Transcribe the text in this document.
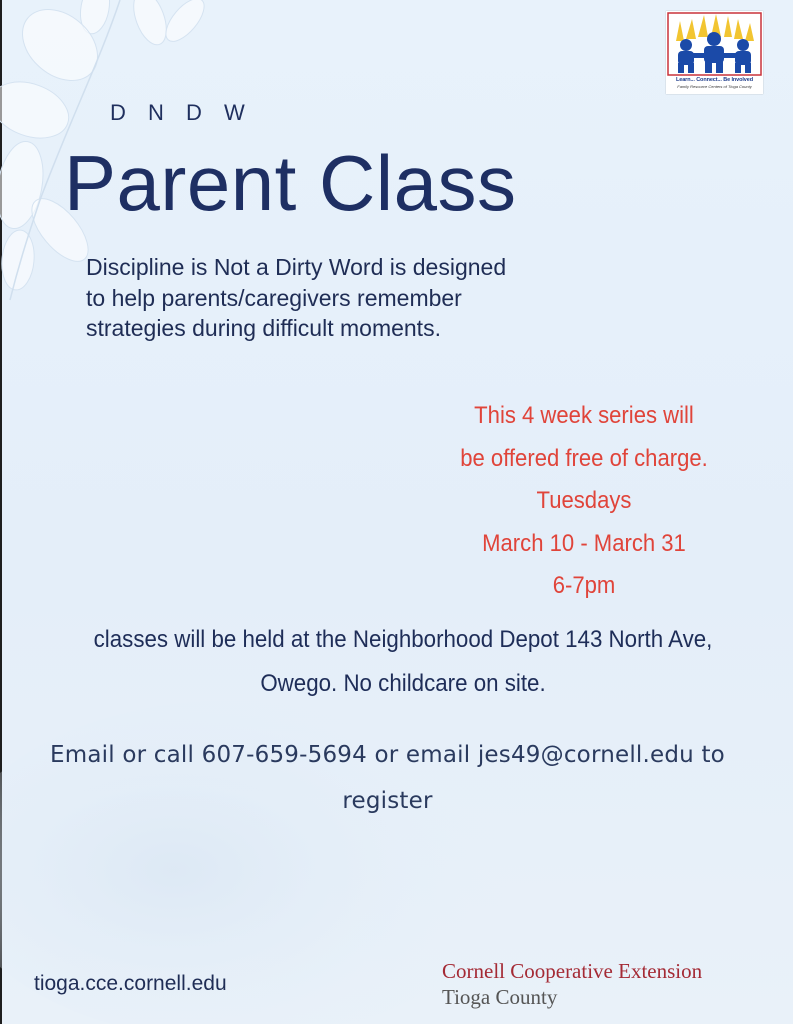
Learn... Connect... Be Involved
Family Resource Centers of Tioga County
D N D W
Parent Class
Discipline is Not a Dirty Word is designed to help parents/caregivers remember strategies during difficult moments.
This 4 week series will
be offered free of charge.
Tuesdays
March 10 - March 31
6-7pm
classes will be held at the Neighborhood Depot 143 North Ave,
Owego. No childcare on site.
Email or call 607-659-5694 or email jes49@cornell.edu to
register
tioga.cce.cornell.edu
Cornell Cooperative Extension
Tioga County
